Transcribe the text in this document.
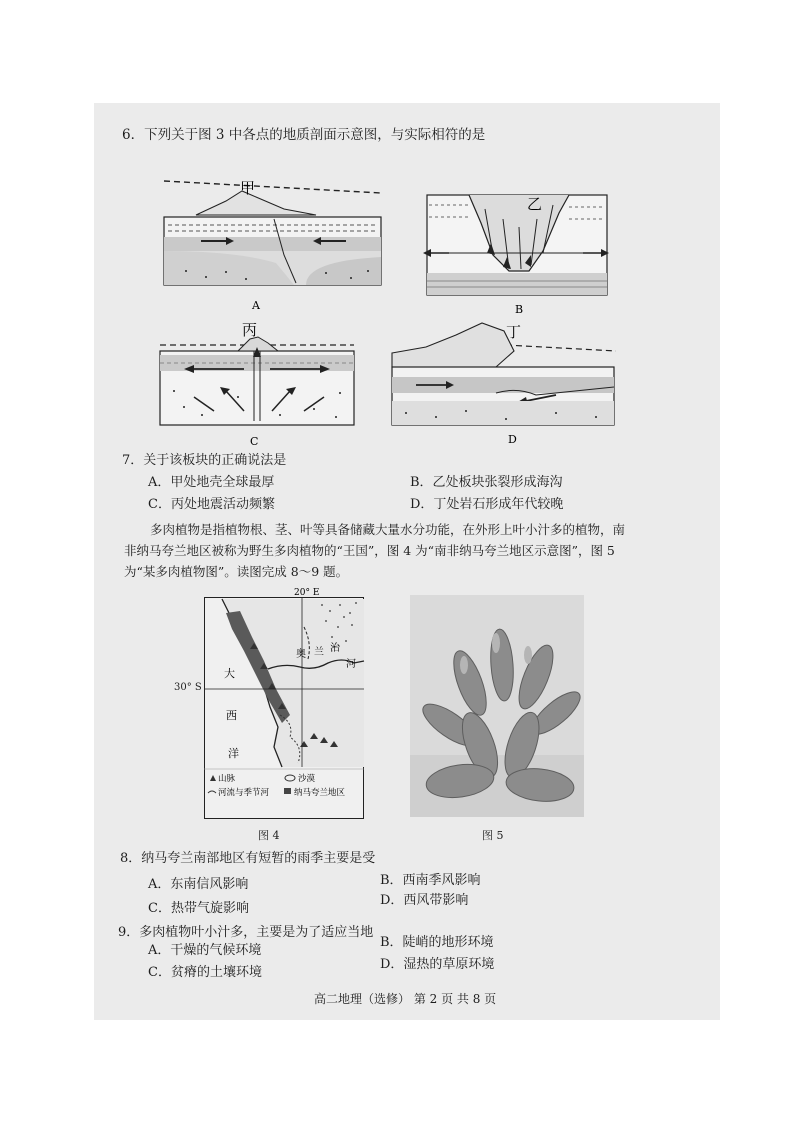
6．下列关于图 3 中各点的地质剖面示意图，与实际相符的是
甲
A
乙
B
丙
C
丁
D
7．关于该板块的正确说法是
A．甲处地壳全球最厚	B．乙处板块张裂形成海沟
C．丙处地震活动频繁	D．丁处岩石形成年代较晚
多肉植物是指植物根、茎、叶等具备储藏大量水分功能，在外形上叶小汁多的植物，南
非纳马夸兰地区被称为野生多肉植物的“王国”，图 4 为“南非纳马夸兰地区示意图”，图 5
为“某多肉植物图”。读图完成 8～9 题。
20° E
大
西
洋
奥 兰 治
河
山脉	沙漠
河流与季节河	纳马夸兰地区
30° S
图 4	图 5
8．纳马夸兰南部地区有短暂的雨季主要是受
A．东南信风影响	B．西南季风影响
C．热带气旋影响
D．西风带影响
9．多肉植物叶小汁多，主要是为了适应当地
A．干燥的气候环境
B．陡峭的地形环境
C．贫瘠的土壤环境
D．湿热的草原环境
高二地理（选修） 第 2 页 共 8 页
